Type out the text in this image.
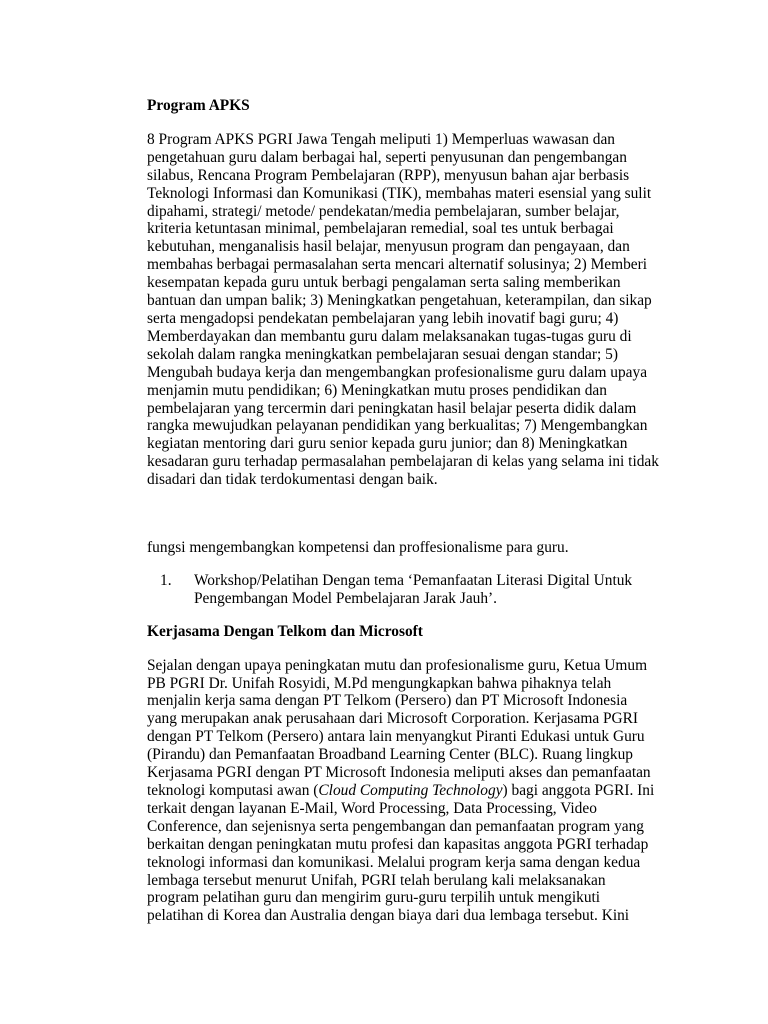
Program APKS

8 Program APKS PGRI Jawa Tengah meliputi 1) Memperluas wawasan dan pengetahuan guru dalam berbagai hal, seperti penyusunan dan pengembangan silabus, Rencana Program Pembelajaran (RPP), menyusun bahan ajar berbasis Teknologi Informasi dan Komunikasi (TIK), membahas materi esensial yang sulit dipahami, strategi/ metode/ pendekatan/media pembelajaran, sumber belajar, kriteria ketuntasan minimal, pembelajaran remedial, soal tes untuk berbagai kebutuhan, menganalisis hasil belajar, menyusun program dan pengayaan, dan membahas berbagai permasalahan serta mencari alternatif solusinya; 2) Memberi kesempatan kepada guru untuk berbagi pengalaman serta saling memberikan bantuan dan umpan balik; 3) Meningkatkan pengetahuan, keterampilan, dan sikap serta mengadopsi pendekatan pembelajaran yang lebih inovatif bagi guru; 4) Memberdayakan dan membantu guru dalam melaksanakan tugas-tugas guru di sekolah dalam rangka meningkatkan pembelajaran sesuai dengan standar; 5) Mengubah budaya kerja dan mengembangkan profesionalisme guru dalam upaya menjamin mutu pendidikan; 6) Meningkatkan mutu proses pendidikan dan pembelajaran yang tercermin dari peningkatan hasil belajar peserta didik dalam rangka mewujudkan pelayanan pendidikan yang berkualitas; 7) Mengembangkan kegiatan mentoring dari guru senior kepada guru junior; dan 8) Meningkatkan kesadaran guru terhadap permasalahan pembelajaran di kelas yang selama ini tidak disadari dan tidak terdokumentasi dengan baik.

fungsi mengembangkan kompetensi dan proffesionalisme para guru.

1.	Workshop/Pelatihan Dengan tema ‘Pemanfaatan Literasi Digital Untuk Pengembangan Model Pembelajaran Jarak Jauh’.

Kerjasama Dengan Telkom dan Microsoft

Sejalan dengan upaya peningkatan mutu dan profesionalisme guru, Ketua Umum PB PGRI Dr. Unifah Rosyidi, M.Pd mengungkapkan bahwa pihaknya telah menjalin kerja sama dengan PT Telkom (Persero) dan PT Microsoft Indonesia yang merupakan anak perusahaan dari Microsoft Corporation. Kerjasama PGRI dengan PT Telkom (Persero) antara lain menyangkut Piranti Edukasi untuk Guru (Pirandu) dan Pemanfaatan Broadband Learning Center (BLC). Ruang lingkup Kerjasama PGRI dengan PT Microsoft Indonesia meliputi akses dan pemanfaatan teknologi komputasi awan (Cloud Computing Technology) bagi anggota PGRI. Ini terkait dengan layanan E-Mail, Word Processing, Data Processing, Video Conference, dan sejenisnya serta pengembangan dan pemanfaatan program yang berkaitan dengan peningkatan mutu profesi dan kapasitas anggota PGRI terhadap teknologi informasi dan komunikasi. Melalui program kerja sama dengan kedua lembaga tersebut menurut Unifah, PGRI telah berulang kali melaksanakan program pelatihan guru dan mengirim guru-guru terpilih untuk mengikuti pelatihan di Korea dan Australia dengan biaya dari dua lembaga tersebut. Kini
